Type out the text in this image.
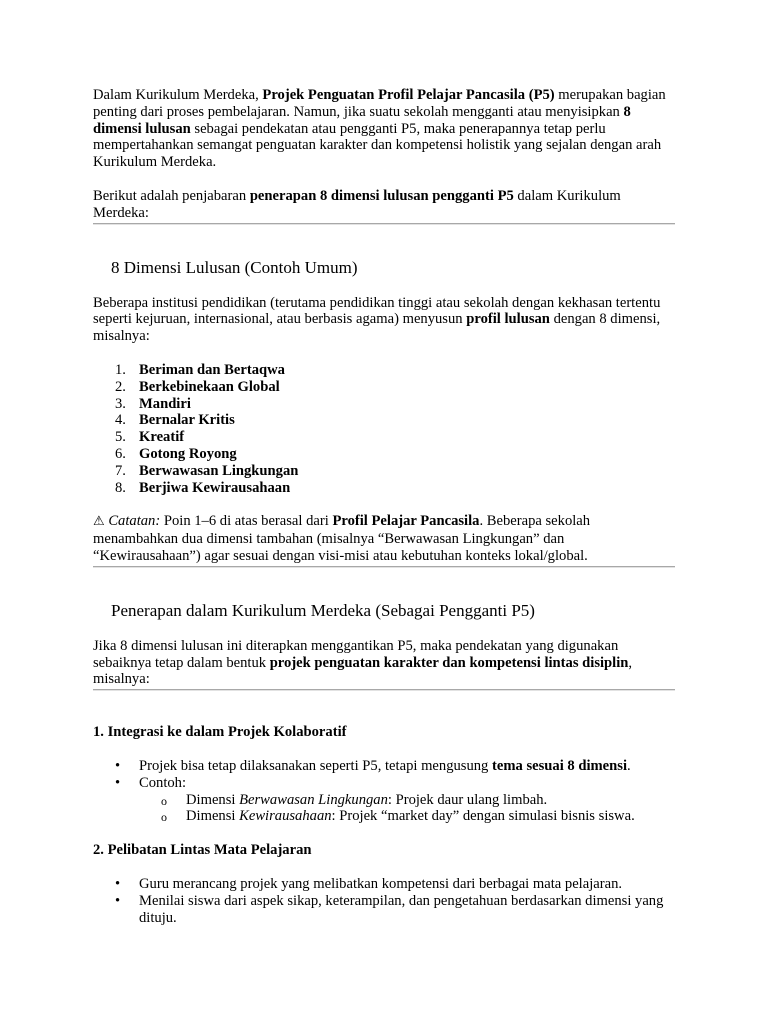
Dalam Kurikulum Merdeka, Projek Penguatan Profil Pelajar Pancasila (P5) merupakan bagian penting dari proses pembelajaran. Namun, jika suatu sekolah mengganti atau menyisipkan 8 dimensi lulusan sebagai pendekatan atau pengganti P5, maka penerapannya tetap perlu mempertahankan semangat penguatan karakter dan kompetensi holistik yang sejalan dengan arah Kurikulum Merdeka.

Berikut adalah penjabaran penerapan 8 dimensi lulusan pengganti P5 dalam Kurikulum Merdeka:

8 Dimensi Lulusan (Contoh Umum)

Beberapa institusi pendidikan (terutama pendidikan tinggi atau sekolah dengan kekhasan tertentu seperti kejuruan, internasional, atau berbasis agama) menyusun profil lulusan dengan 8 dimensi, misalnya:

1. Beriman dan Bertaqwa
2. Berkebinekaan Global
3. Mandiri
4. Bernalar Kritis
5. Kreatif
6. Gotong Royong
7. Berwawasan Lingkungan
8. Berjiwa Kewirausahaan

⚠ Catatan: Poin 1–6 di atas berasal dari Profil Pelajar Pancasila. Beberapa sekolah menambahkan dua dimensi tambahan (misalnya “Berwawasan Lingkungan” dan “Kewirausahaan”) agar sesuai dengan visi-misi atau kebutuhan konteks lokal/global.

Penerapan dalam Kurikulum Merdeka (Sebagai Pengganti P5)

Jika 8 dimensi lulusan ini diterapkan menggantikan P5, maka pendekatan yang digunakan sebaiknya tetap dalam bentuk projek penguatan karakter dan kompetensi lintas disiplin, misalnya:

1. Integrasi ke dalam Projek Kolaboratif
• Projek bisa tetap dilaksanakan seperti P5, tetapi mengusung tema sesuai 8 dimensi.
• Contoh:
o Dimensi Berwawasan Lingkungan: Projek daur ulang limbah.
o Dimensi Kewirausahaan: Projek “market day” dengan simulasi bisnis siswa.
2. Pelibatan Lintas Mata Pelajaran
• Guru merancang projek yang melibatkan kompetensi dari berbagai mata pelajaran.
• Menilai siswa dari aspek sikap, keterampilan, dan pengetahuan berdasarkan dimensi yang dituju.
